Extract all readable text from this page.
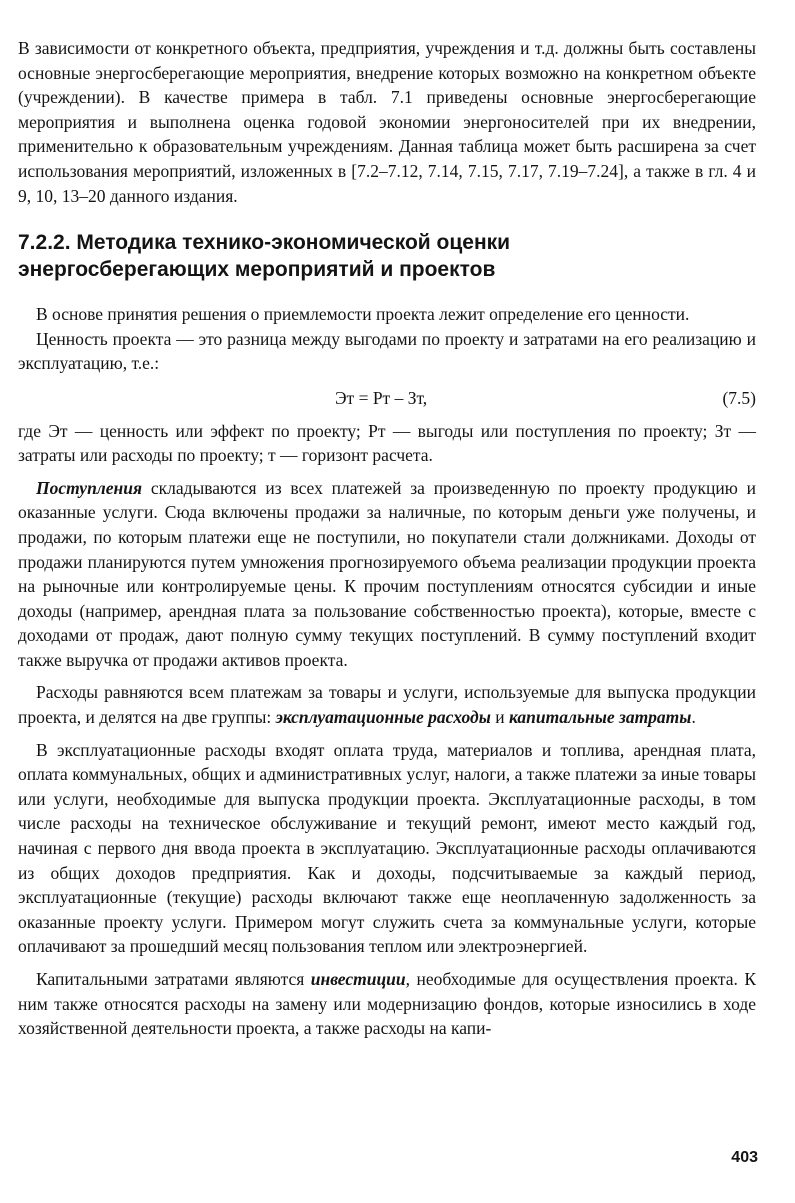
В зависимости от конкретного объекта, предприятия, учреждения и т.д. должны быть составлены основные энергосберегающие мероприятия, внедрение которых возможно на конкретном объекте (учреждении). В качестве примера в табл. 7.1 приведены основные энергосберегающие мероприятия и выполнена оценка годовой экономии энергоносителей при их внедрении, применительно к образовательным учреждениям. Данная таблица может быть расширена за счет использования мероприятий, изложенных в [7.2–7.12, 7.14, 7.15, 7.17, 7.19–7.24], а также в гл. 4 и 9, 10, 13–20 данного издания.

7.2.2. Методика технико-экономической оценки
энергосберегающих мероприятий и проектов

В основе принятия решения о приемлемости проекта лежит определение его ценности.

Ценность проекта — это разница между выгодами по проекту и затратами на его реализацию и эксплуатацию, т.е.:

Эт = Рт – Зт,	(7.5)

где Эт — ценность или эффект по проекту; Рт — выгоды или поступления по проекту; Зт — затраты или расходы по проекту; т — горизонт расчета.

Поступления складываются из всех платежей за произведенную по проекту продукцию и оказанные услуги. Сюда включены продажи за наличные, по которым деньги уже получены, и продажи, по которым платежи еще не поступили, но покупатели стали должниками. Доходы от продажи планируются путем умножения прогнозируемого объема реализации продукции проекта на рыночные или контролируемые цены. К прочим поступлениям относятся субсидии и иные доходы (например, арендная плата за пользование собственностью проекта), которые, вместе с доходами от продаж, дают полную сумму текущих поступлений. В сумму поступлений входит также выручка от продажи активов проекта.

Расходы равняются всем платежам за товары и услуги, используемые для выпуска продукции проекта, и делятся на две группы: эксплуатационные расходы и капитальные затраты.

В эксплуатационные расходы входят оплата труда, материалов и топлива, арендная плата, оплата коммунальных, общих и административных услуг, налоги, а также платежи за иные товары или услуги, необходимые для выпуска продукции проекта. Эксплуатационные расходы, в том числе расходы на техническое обслуживание и текущий ремонт, имеют место каждый год, начиная с первого дня ввода проекта в эксплуатацию. Эксплуатационные расходы оплачиваются из общих доходов предприятия. Как и доходы, подсчитываемые за каждый период, эксплуатационные (текущие) расходы включают также еще неоплаченную задолженность за оказанные проекту услуги. Примером могут служить счета за коммунальные услуги, которые оплачивают за прошедший месяц пользования теплом или электроэнергией.

Капитальными затратами являются инвестиции, необходимые для осуществления проекта. К ним также относятся расходы на замену или модернизацию фондов, которые износились в ходе хозяйственной деятельности проекта, а также расходы на капи-

403
